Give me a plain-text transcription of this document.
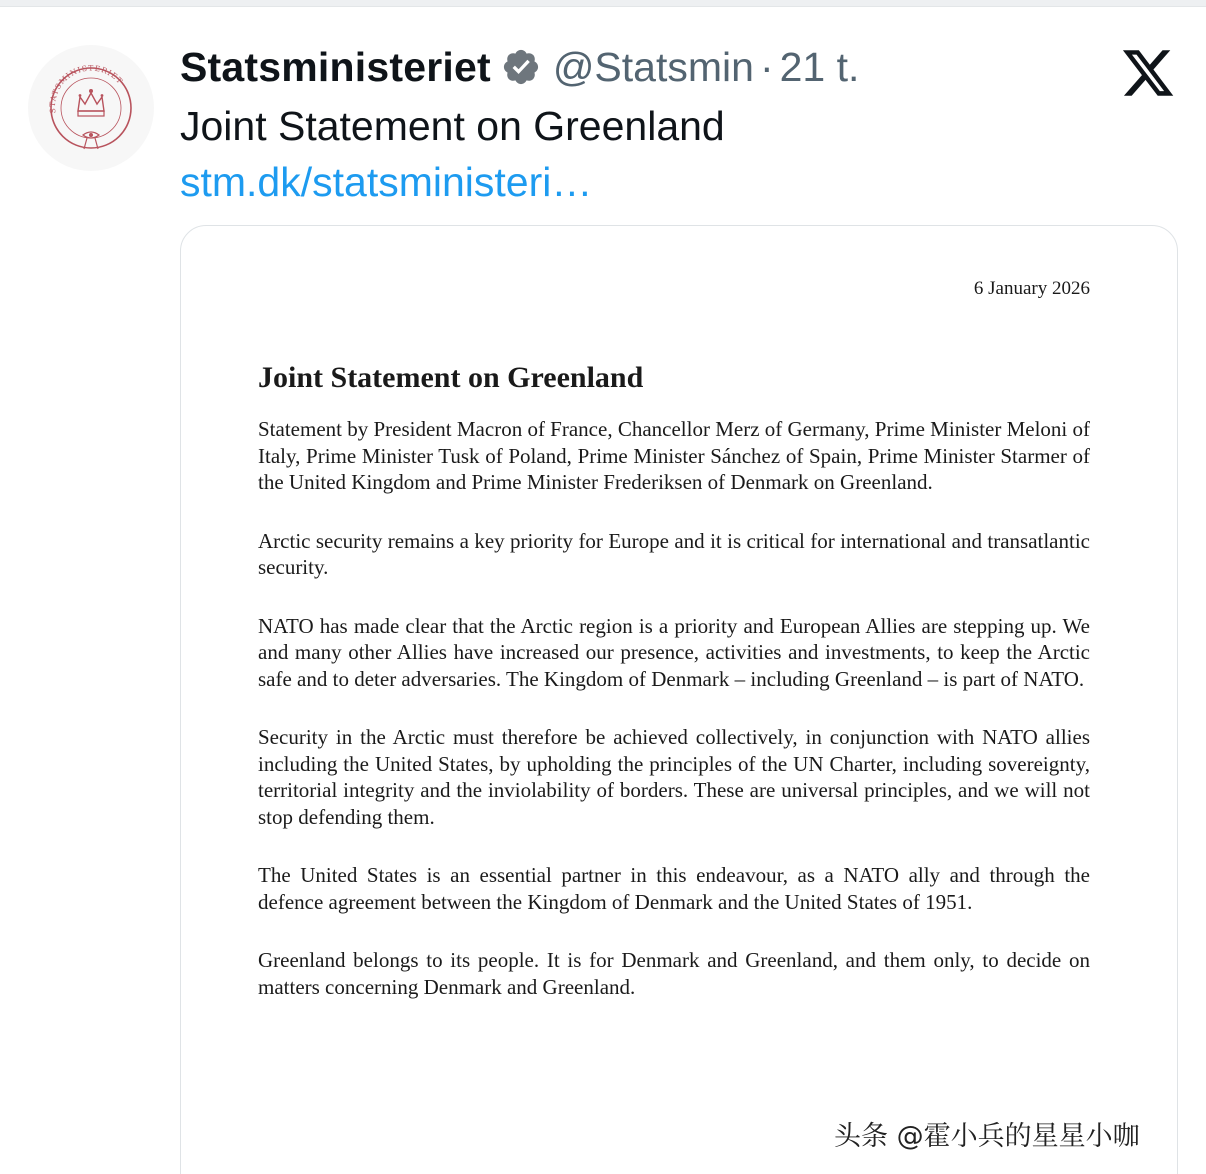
STATSMINISTERIET Statsministeriet @Statsmin · 21 t.
Joint Statement on Greenland
stm.dk/statsministeri…
6 January 2026
Joint Statement on Greenland

Statement by President Macron of France, Chancellor Merz of Germany, Prime Minister Meloni of Italy, Prime Minister Tusk of Poland, Prime Minister Sánchez of Spain, Prime Minister Starmer of the United Kingdom and Prime Minister Frederiksen of Denmark on Greenland.

Arctic security remains a key priority for Europe and it is critical for international and transatlantic security.

NATO has made clear that the Arctic region is a priority and European Allies are stepping up. We and many other Allies have increased our presence, activities and investments, to keep the Arctic safe and to deter adversaries. The Kingdom of Denmark – including Greenland – is part of NATO.

Security in the Arctic must therefore be achieved collectively, in conjunction with NATO allies including the United States, by upholding the principles of the UN Charter, including sovereignty, territorial integrity and the inviolability of borders. These are universal principles, and we will not stop defending them.

The United States is an essential partner in this endeavour, as a NATO ally and through the defence agreement between the Kingdom of Denmark and the United States of 1951.

Greenland belongs to its people. It is for Denmark and Greenland, and them only, to decide on matters concerning Denmark and Greenland.

头条 @霍小兵的星星小咖
